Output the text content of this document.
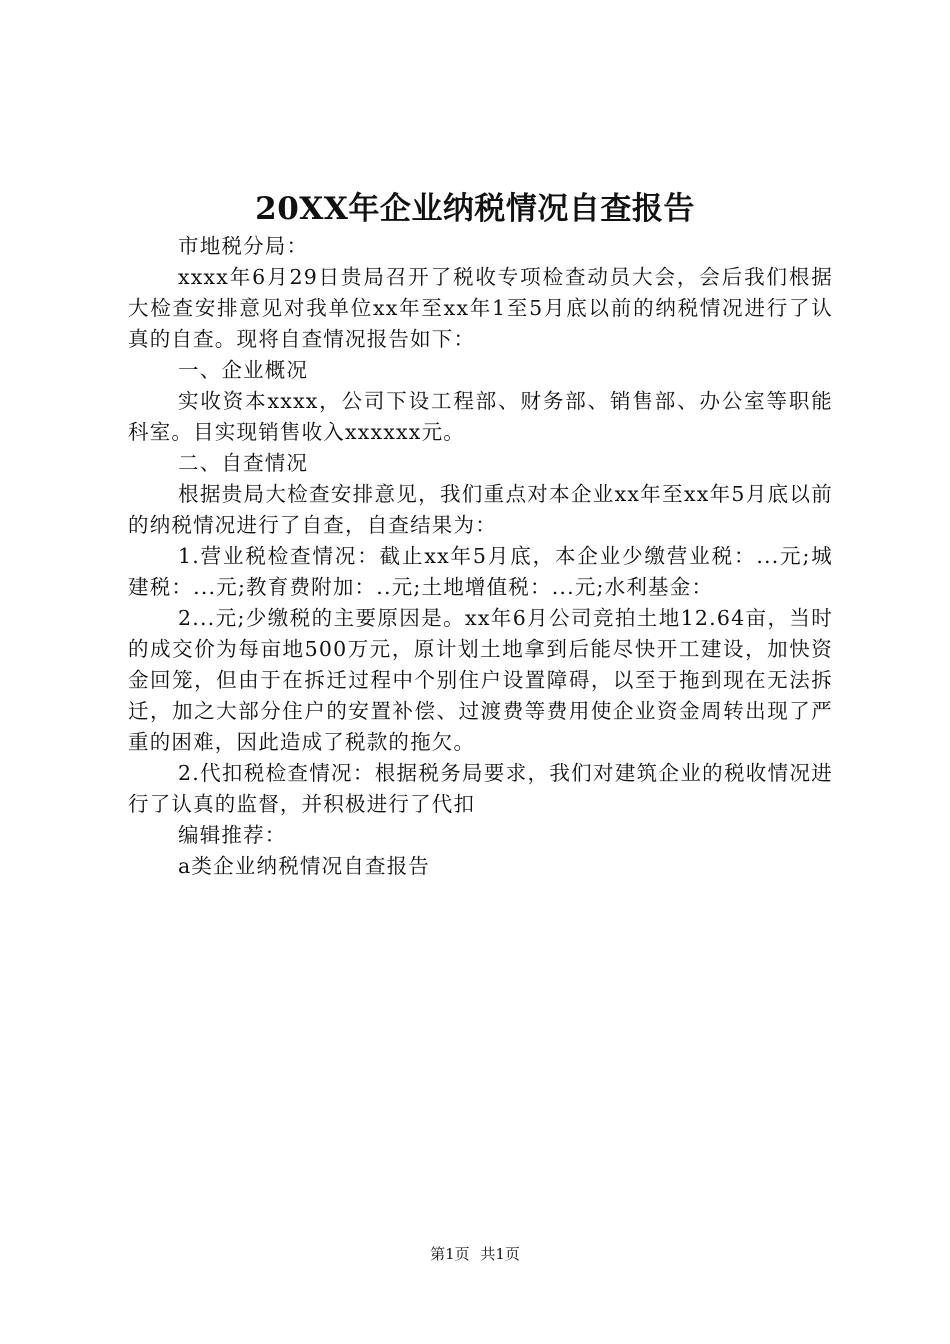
20XX年企业纳税情况自查报告

市地税分局：

xxxx年6月29日贵局召开了税收专项检查动员大会，会后我们根据大检查安排意见对我单位xx年至xx年1至5月底以前的纳税情况进行了认真的自查。现将自查情况报告如下：

一、企业概况

实收资本xxxx，公司下设工程部、财务部、销售部、办公室等职能科室。目实现销售收入xxxxxx元。

二、自查情况

根据贵局大检查安排意见，我们重点对本企业xx年至xx年5月底以前的纳税情况进行了自查，自查结果为：

1.营业税检查情况：截止xx年5月底，本企业少缴营业税：...元;城建税：...元;教育费附加：..元;土地增值税：...元;水利基金：

2...元;少缴税的主要原因是。xx年6月公司竞拍土地12.64亩，当时的成交价为每亩地500万元，原计划土地拿到后能尽快开工建设，加快资金回笼，但由于在拆迁过程中个别住户设置障碍，以至于拖到现在无法拆迁，加之大部分住户的安置补偿、过渡费等费用使企业资金周转出现了严重的困难，因此造成了税款的拖欠。

2.代扣税检查情况：根据税务局要求，我们对建筑企业的税收情况进行了认真的监督，并积极进行了代扣

编辑推荐：

a类企业纳税情况自查报告

第1页 共1页
